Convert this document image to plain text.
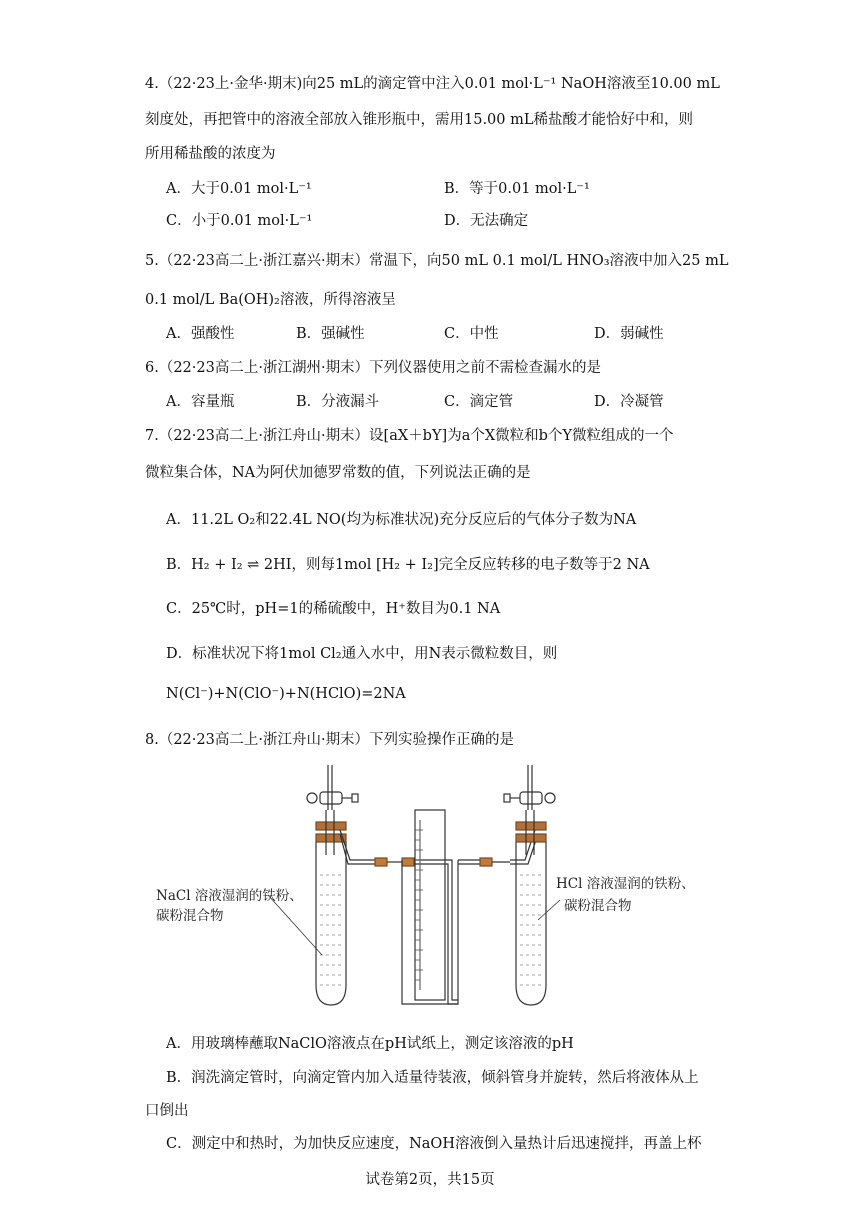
4.（22·23上·金华·期末)向25 mL的滴定管中注入0.01 mol·L⁻¹ NaOH溶液至10.00 mL
刻度处，再把管中的溶液全部放入锥形瓶中，需用15.00 mL稀盐酸才能恰好中和，则
所用稀盐酸的浓度为
A．大于0.01 mol·L⁻¹	B．等于0.01 mol·L⁻¹
C．小于0.01 mol·L⁻¹	D．无法确定
5.（22·23高二上·浙江嘉兴·期末）常温下，向50 mL 0.1 mol/L HNO₃溶液中加入25 mL
0.1 mol/L Ba(OH)₂溶液，所得溶液呈
A．强酸性	B．强碱性	C．中性	D．弱碱性
6.（22·23高二上·浙江湖州·期末）下列仪器使用之前不需检查漏水的是
A．容量瓶	B．分液漏斗	C．滴定管	D．冷凝管
7.（22·23高二上·浙江舟山·期末）设[aX＋bY]为a个X微粒和b个Y微粒组成的一个
微粒集合体，NA为阿伏加德罗常数的值，下列说法正确的是
A．11.2L O₂和22.4L NO(均为标准状况)充分反应后的气体分子数为NA
B．H₂ + I₂ ⇌ 2HI，则每1mol [H₂ + I₂]完全反应转移的电子数等于2 NA
C．25℃时，pH=1的稀硫酸中，H⁺数目为0.1 NA
D．标准状况下将1mol Cl₂通入水中，用N表示微粒数目，则
N(Cl⁻)+N(ClO⁻)+N(HClO)=2NA
8.（22·23高二上·浙江舟山·期末）下列实验操作正确的是
NaCl 溶液湿润的铁粉、
碳粉混合物
HCl 溶液湿润的铁粉、
碳粉混合物
A．用玻璃棒蘸取NaClO溶液点在pH试纸上，测定该溶液的pH
B．润洗滴定管时，向滴定管内加入适量待装液，倾斜管身并旋转，然后将液体从上
口倒出
C．测定中和热时，为加快反应速度，NaOH溶液倒入量热计后迅速搅拌，再盖上杯
试卷第2页，共15页
